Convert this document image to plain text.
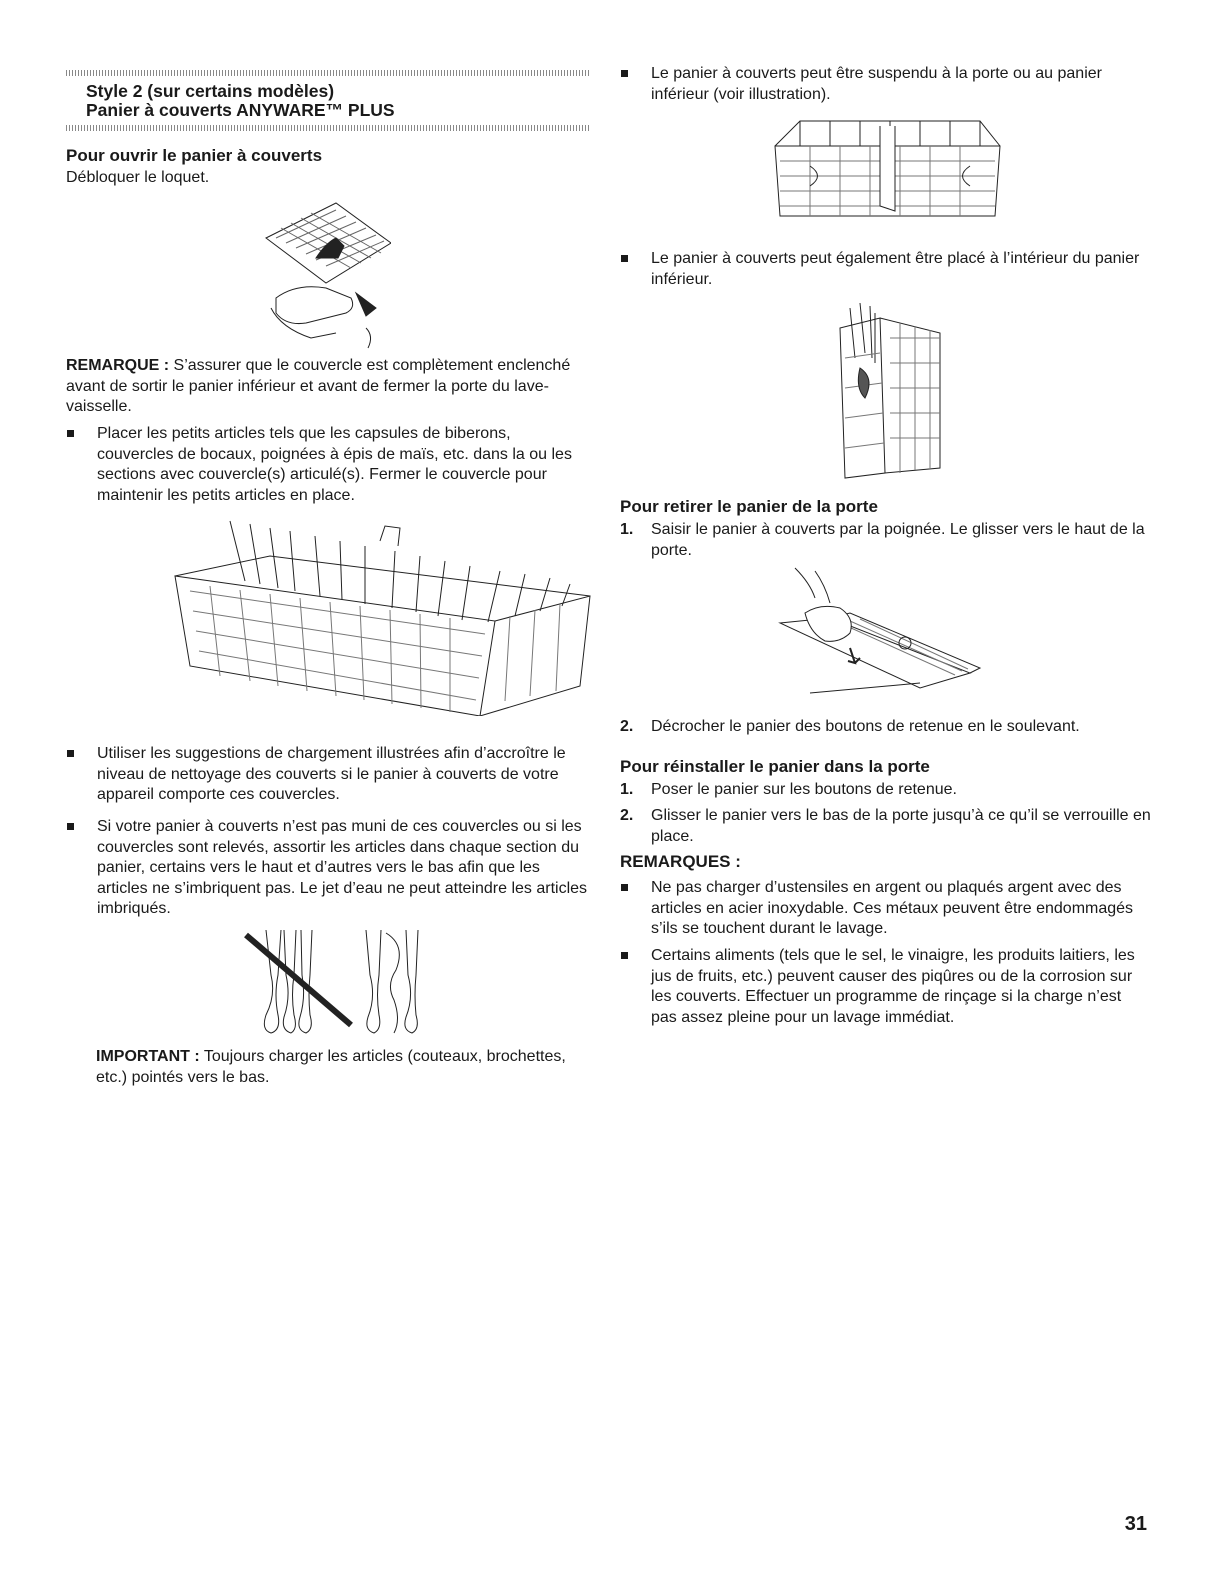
Style 2 (sur certains modèles)
Panier à couverts ANYWARE™ PLUS
Pour ouvrir le panier à couverts
Débloquer le loquet.
REMARQUE : S’assurer que le couvercle est complètement enclenché avant de sortir le panier inférieur et avant de fermer la porte du lave-vaisselle.
Placer les petits articles tels que les capsules de biberons, couvercles de bocaux, poignées à épis de maïs, etc. dans la ou les sections avec couvercle(s) articulé(s). Fermer le couvercle pour maintenir les petits articles en place.
Utiliser les suggestions de chargement illustrées afin d’accroître le niveau de nettoyage des couverts si le panier à couverts de votre appareil comporte ces couvercles.
Si votre panier à couverts n’est pas muni de ces couvercles ou si les couvercles sont relevés, assortir les articles dans chaque section du panier, certains vers le haut et d’autres vers le bas afin que les articles ne s’imbriquent pas. Le jet d’eau ne peut atteindre les articles imbriqués.
IMPORTANT : Toujours charger les articles (couteaux, brochettes, etc.) pointés vers le bas.
Le panier à couverts peut être suspendu à la porte ou au panier inférieur (voir illustration).
Le panier à couverts peut également être placé à l’intérieur du panier inférieur.
Pour retirer le panier de la porte
1. Saisir le panier à couverts par la poignée. Le glisser vers le haut de la porte.
2. Décrocher le panier des boutons de retenue en le soulevant.
Pour réinstaller le panier dans la porte
1. Poser le panier sur les boutons de retenue.
2. Glisser le panier vers le bas de la porte jusqu’à ce qu’il se verrouille en place.
REMARQUES :
Ne pas charger d’ustensiles en argent ou plaqués argent avec des articles en acier inoxydable. Ces métaux peuvent être endommagés s’ils se touchent durant le lavage.
Certains aliments (tels que le sel, le vinaigre, les produits laitiers, les jus de fruits, etc.) peuvent causer des piqûres ou de la corrosion sur les couverts. Effectuer un programme de rinçage si la charge n’est pas assez pleine pour un lavage immédiat.
31
